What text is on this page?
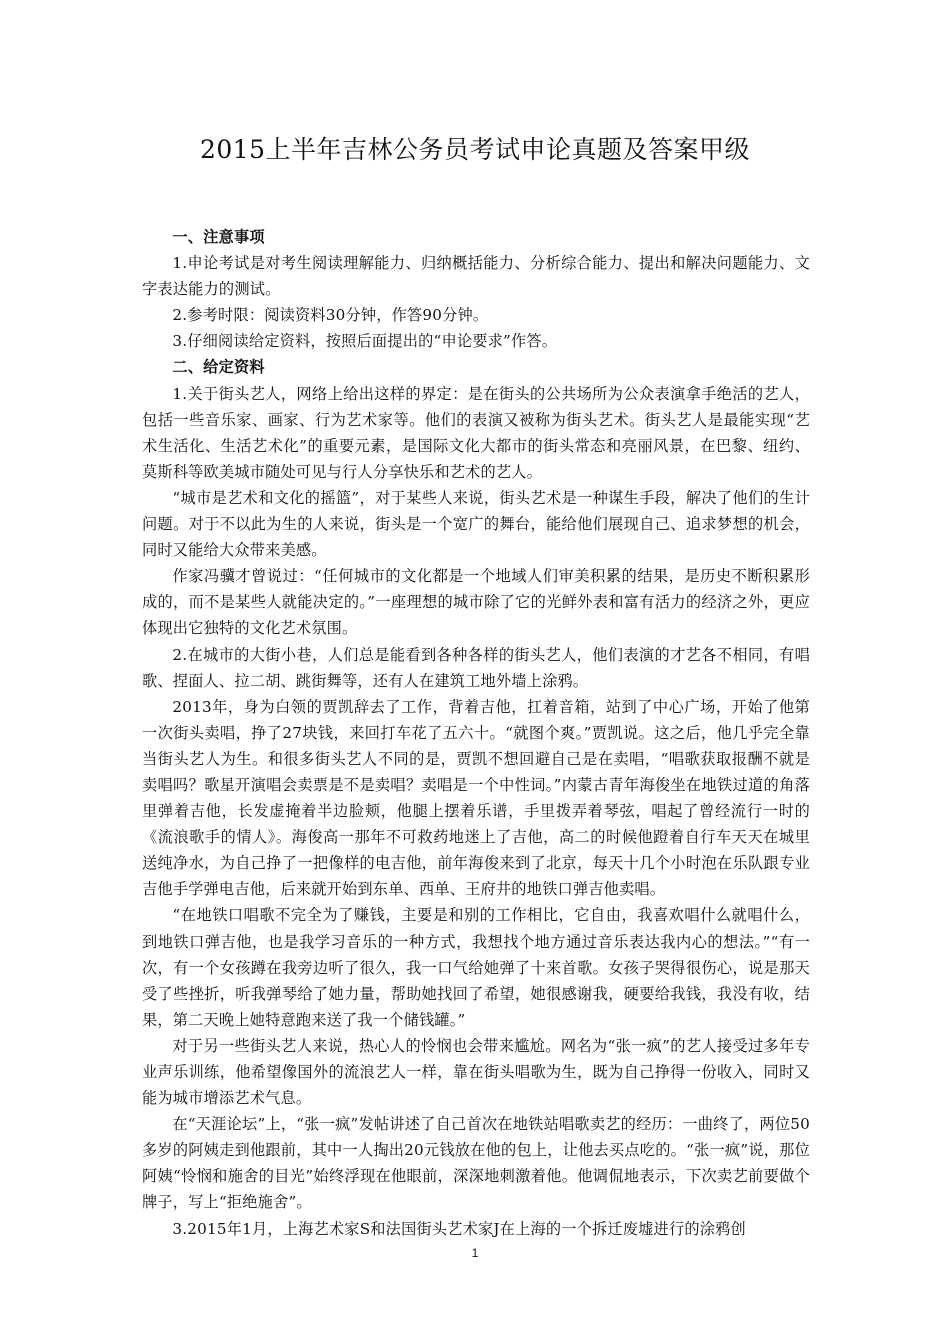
2015上半年吉林公务员考试申论真题及答案甲级
一、注意事项

1.申论考试是对考生阅读理解能力、归纳概括能力、分析综合能力、提出和解决问题能力、文字表达能力的测试。

2.参考时限：阅读资料30分钟，作答90分钟。

3.仔细阅读给定资料，按照后面提出的“申论要求”作答。

二、给定资料

1.关于街头艺人，网络上给出这样的界定：是在街头的公共场所为公众表演拿手绝活的艺人，包括一些音乐家、画家、行为艺术家等。他们的表演又被称为街头艺术。街头艺人是最能实现“艺术生活化、生活艺术化”的重要元素，是国际文化大都市的街头常态和亮丽风景，在巴黎、纽约、莫斯科等欧美城市随处可见与行人分享快乐和艺术的艺人。

“城市是艺术和文化的摇篮”，对于某些人来说，街头艺术是一种谋生手段，解决了他们的生计问题。对于不以此为生的人来说，街头是一个宽广的舞台，能给他们展现自己、追求梦想的机会，同时又能给大众带来美感。

作家冯骥才曾说过：“任何城市的文化都是一个地域人们审美积累的结果，是历史不断积累形成的，而不是某些人就能决定的。”一座理想的城市除了它的光鲜外表和富有活力的经济之外，更应体现出它独特的文化艺术氛围。

2.在城市的大街小巷，人们总是能看到各种各样的街头艺人，他们表演的才艺各不相同，有唱歌、捏面人、拉二胡、跳街舞等，还有人在建筑工地外墙上涂鸦。

2013年，身为白领的贾凯辞去了工作，背着吉他，扛着音箱，站到了中心广场，开始了他第一次街头卖唱，挣了27块钱，来回打车花了五六十。“就图个爽。”贾凯说。这之后，他几乎完全靠当街头艺人为生。和很多街头艺人不同的是，贾凯不想回避自己是在卖唱，“唱歌获取报酬不就是卖唱吗？歌星开演唱会卖票是不是卖唱？卖唱是一个中性词。”内蒙古青年海俊坐在地铁过道的角落里弹着吉他，长发虚掩着半边脸颊，他腿上摆着乐谱，手里拨弄着琴弦，唱起了曾经流行一时的《流浪歌手的情人》。海俊高一那年不可救药地迷上了吉他，高二的时候他蹬着自行车天天在城里送纯净水，为自己挣了一把像样的电吉他，前年海俊来到了北京，每天十几个小时泡在乐队跟专业吉他手学弹电吉他，后来就开始到东单、西单、王府井的地铁口弹吉他卖唱。

“在地铁口唱歌不完全为了赚钱，主要是和别的工作相比，它自由，我喜欢唱什么就唱什么，到地铁口弹吉他，也是我学习音乐的一种方式，我想找个地方通过音乐表达我内心的想法。”“有一次，有一个女孩蹲在我旁边听了很久，我一口气给她弹了十来首歌。女孩子哭得很伤心，说是那天受了些挫折，听我弹琴给了她力量，帮助她找回了希望，她很感谢我，硬要给我钱，我没有收，结果，第二天晚上她特意跑来送了我一个储钱罐。”

对于另一些街头艺人来说，热心人的怜悯也会带来尴尬。网名为“张一疯”的艺人接受过多年专业声乐训练，他希望像国外的流浪艺人一样，靠在街头唱歌为生，既为自己挣得一份收入，同时又能为城市增添艺术气息。

在“天涯论坛”上，“张一疯”发帖讲述了自己首次在地铁站唱歌卖艺的经历：一曲终了，两位50多岁的阿姨走到他跟前，其中一人掏出20元钱放在他的包上，让他去买点吃的。“张一疯”说，那位阿姨“怜悯和施舍的目光”始终浮现在他眼前，深深地刺激着他。他调侃地表示，下次卖艺前要做个牌子，写上“拒绝施舍”。

3.2015年1月，上海艺术家S和法国街头艺术家J在上海的一个拆迁废墟进行的涂鸦创

1
